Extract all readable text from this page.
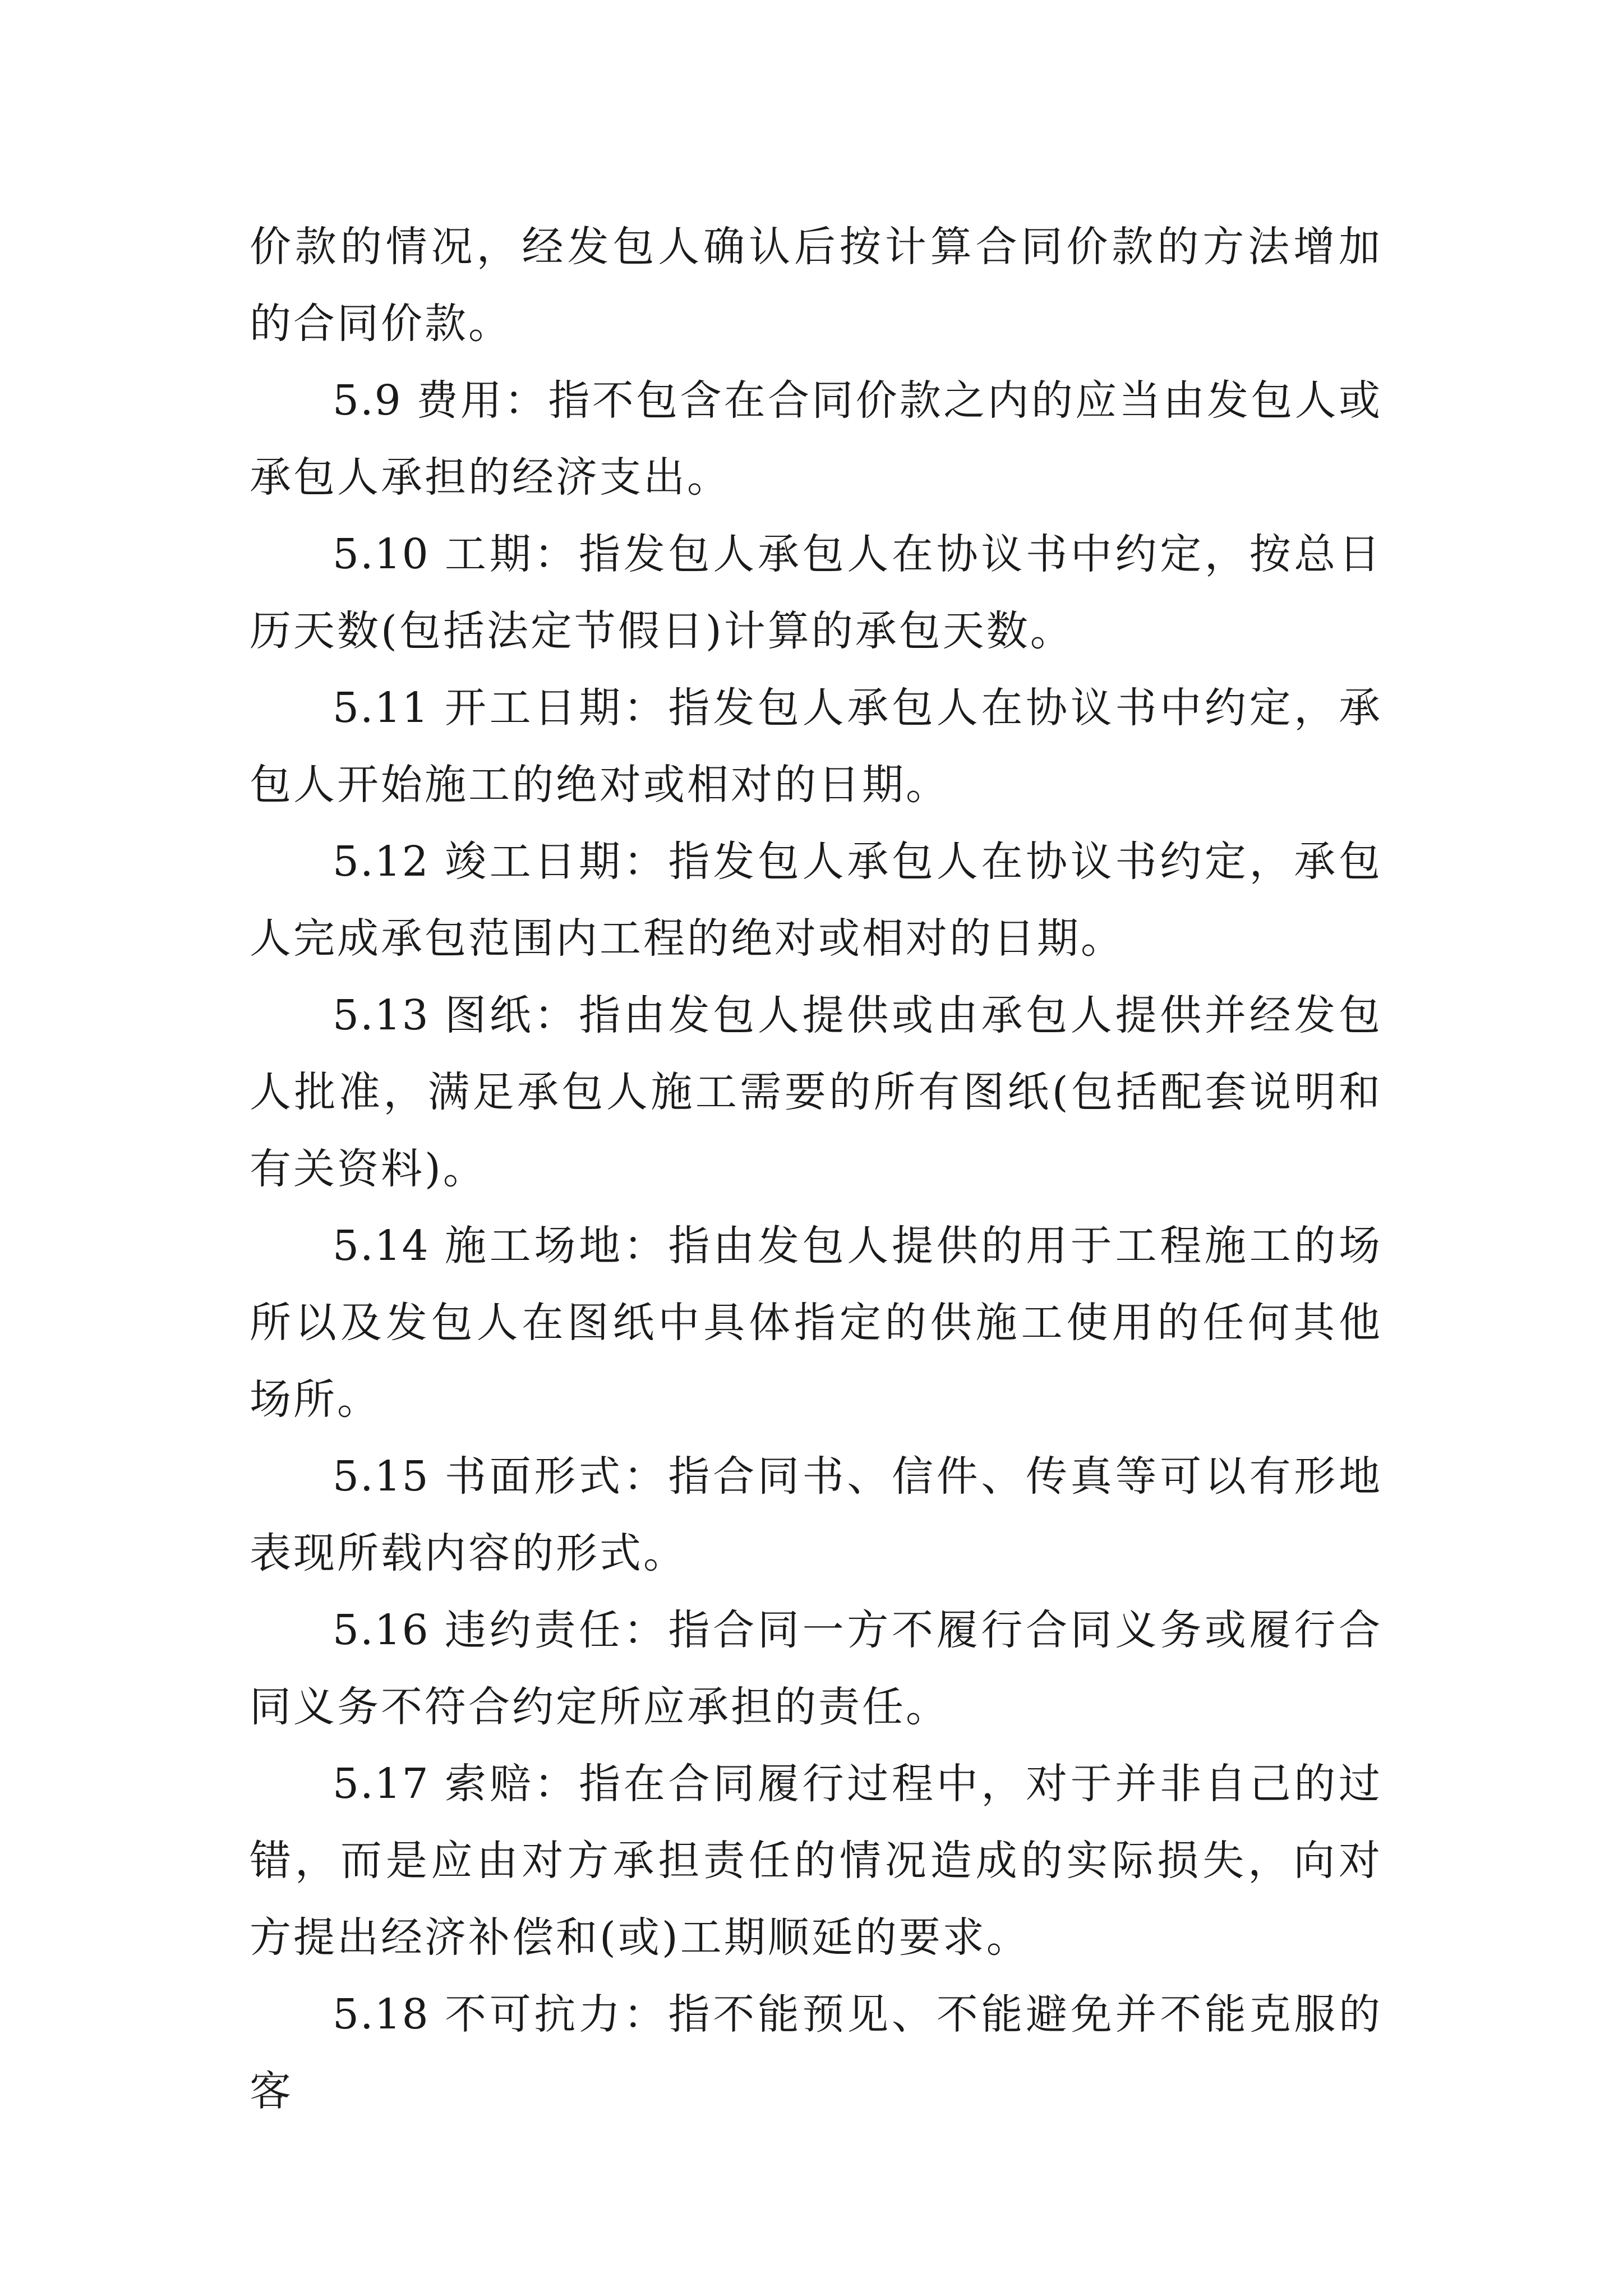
价款的情况，经发包人确认后按计算合同价款的方法增加的合同价款。

5.9 费用：指不包含在合同价款之内的应当由发包人或承包人承担的经济支出。

5.10 工期：指发包人承包人在协议书中约定，按总日历天数(包括法定节假日)计算的承包天数。

5.11 开工日期：指发包人承包人在协议书中约定，承包人开始施工的绝对或相对的日期。

5.12 竣工日期：指发包人承包人在协议书约定，承包人完成承包范围内工程的绝对或相对的日期。

5.13 图纸：指由发包人提供或由承包人提供并经发包人批准，满足承包人施工需要的所有图纸(包括配套说明和有关资料)。

5.14 施工场地：指由发包人提供的用于工程施工的场所以及发包人在图纸中具体指定的供施工使用的任何其他场所。

5.15 书面形式：指合同书、信件、传真等可以有形地表现所载内容的形式。

5.16 违约责任：指合同一方不履行合同义务或履行合同义务不符合约定所应承担的责任。

5.17 索赔：指在合同履行过程中，对于并非自己的过错，而是应由对方承担责任的情况造成的实际损失，向对方提出经济补偿和(或)工期顺延的要求。

5.18 不可抗力：指不能预见、不能避免并不能克服的客
